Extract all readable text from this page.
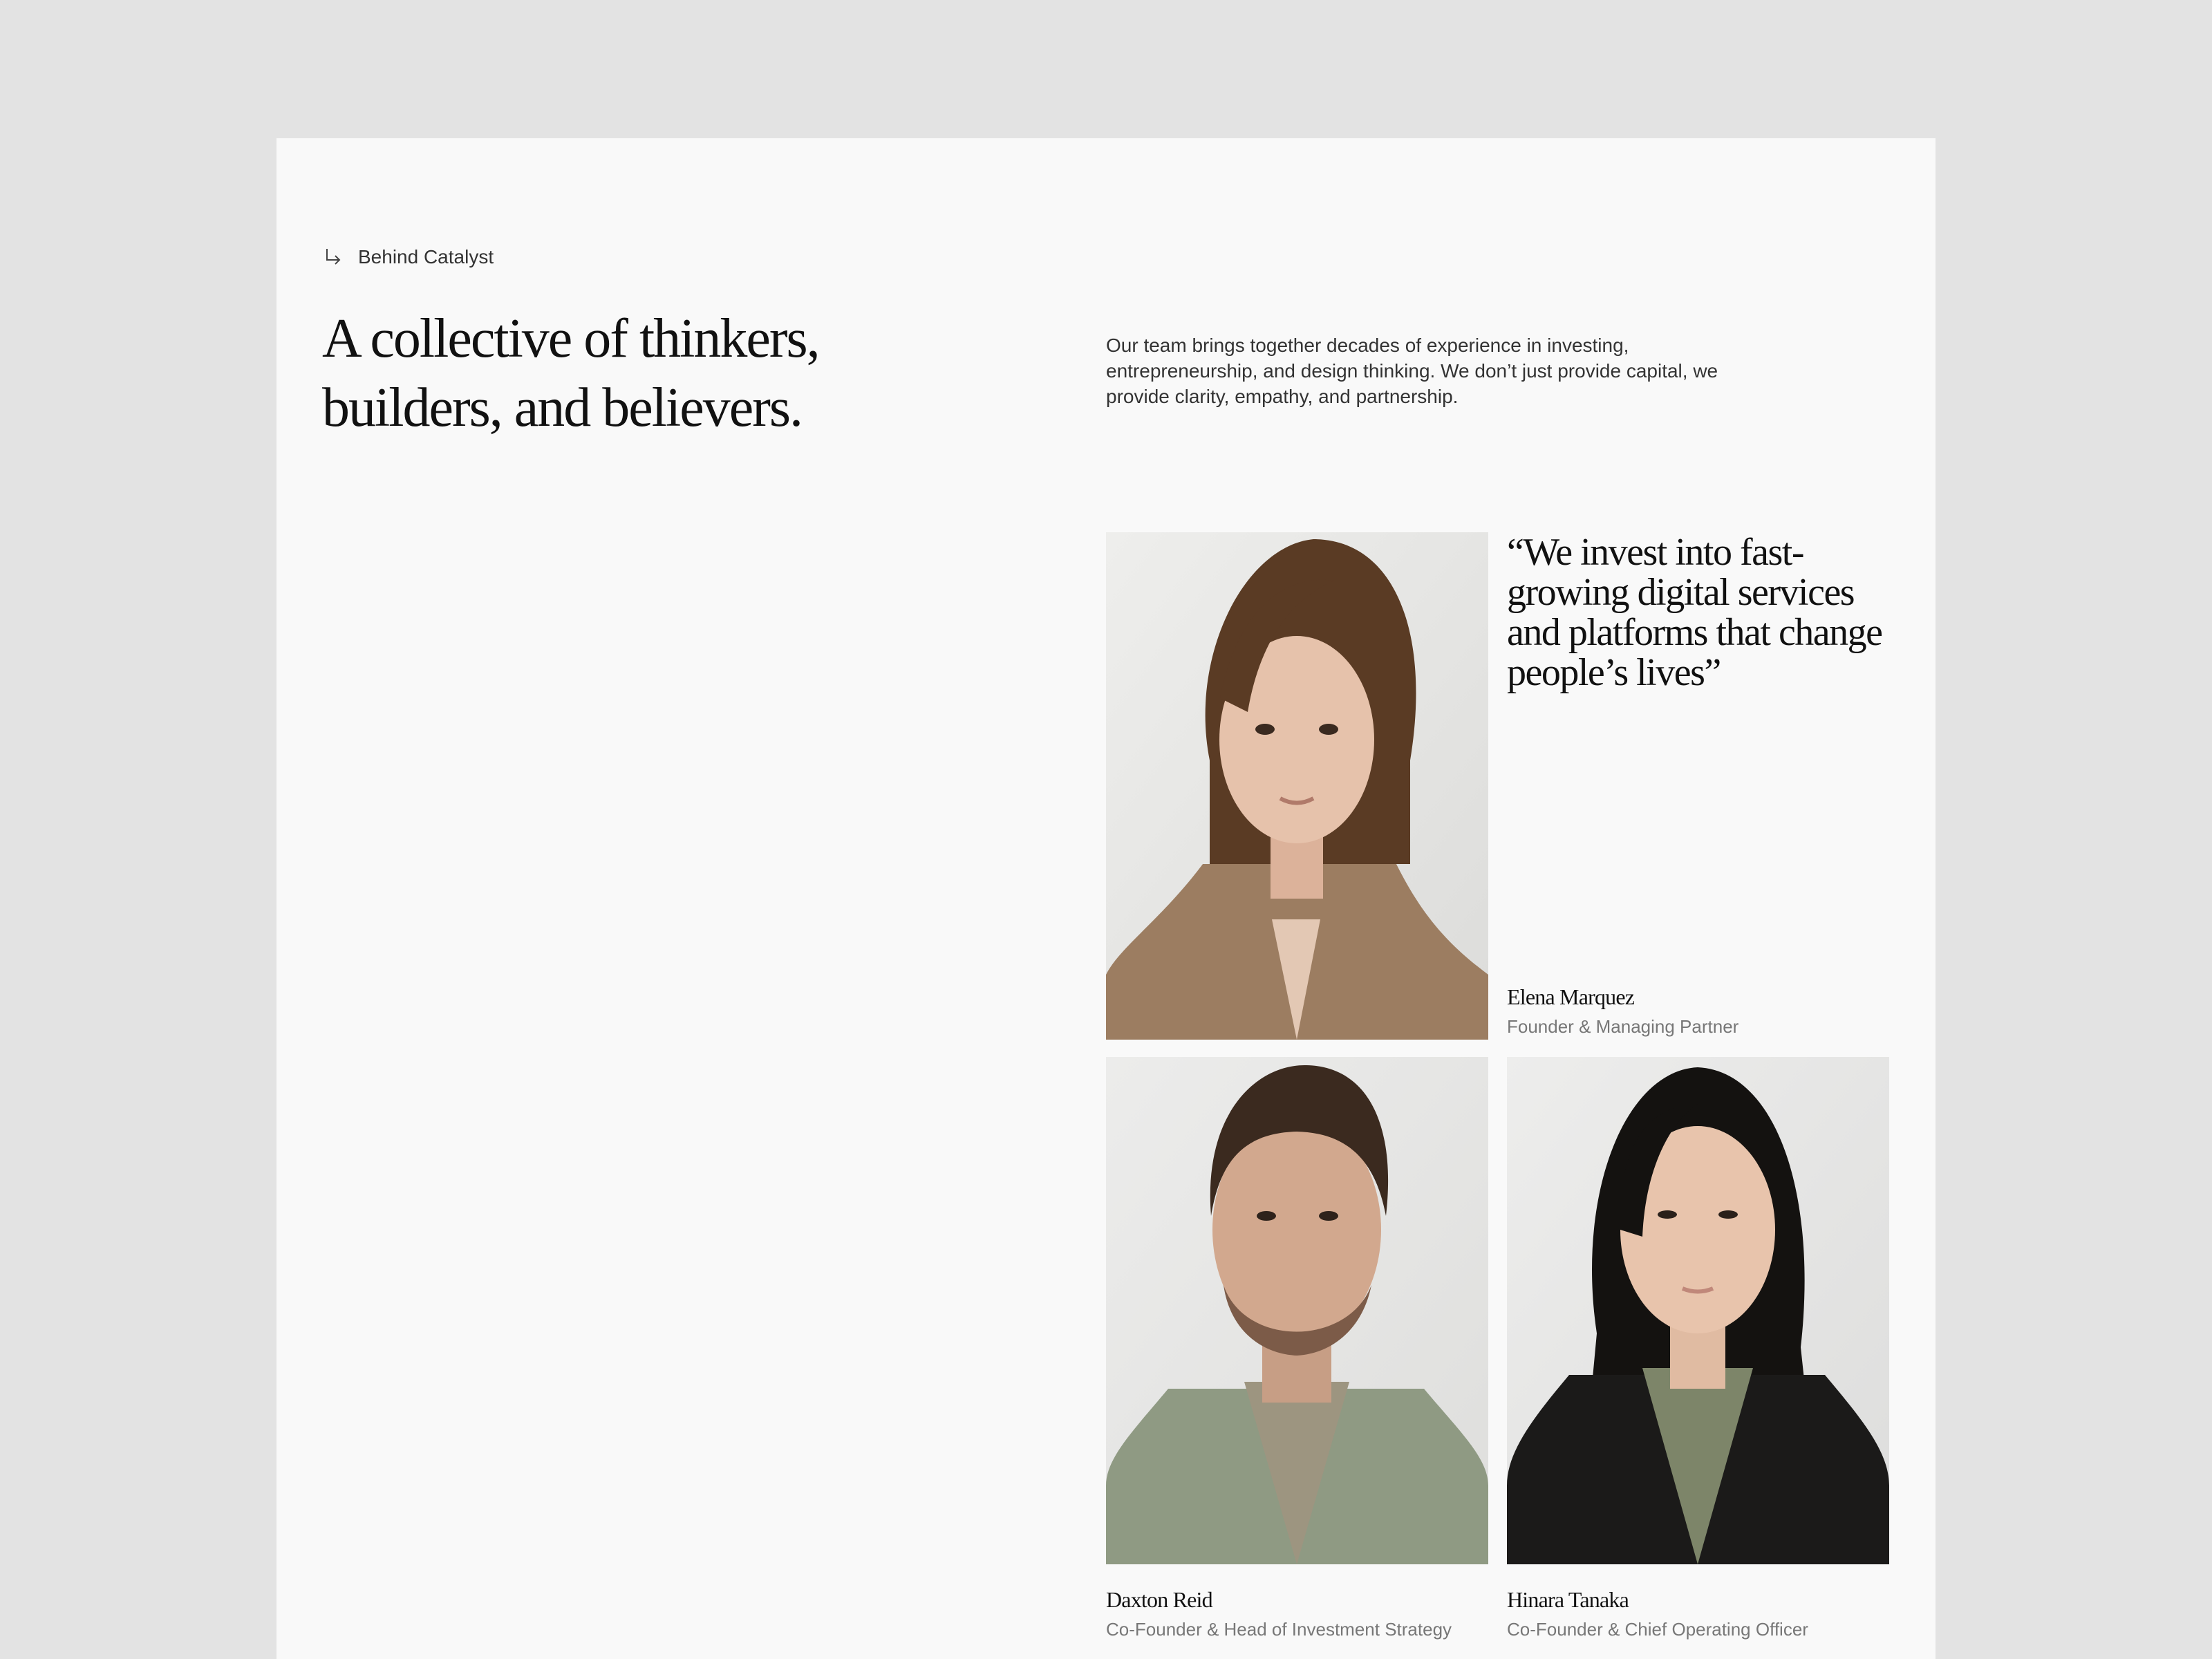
Behind Catalyst
A collective of thinkers,
builders, and believers.

Our team brings together decades of experience in investing, entrepreneurship, and design thinking. We don’t just provide capital, we provide clarity, empathy, and partnership.

“We invest into fast-growing digital services and platforms that change people’s lives”
Elena Marquez
Founder & Managing Partner
Daxton Reid
Co-Founder & Head of Investment Strategy
Hinara Tanaka
Co-Founder & Chief Operating Officer
